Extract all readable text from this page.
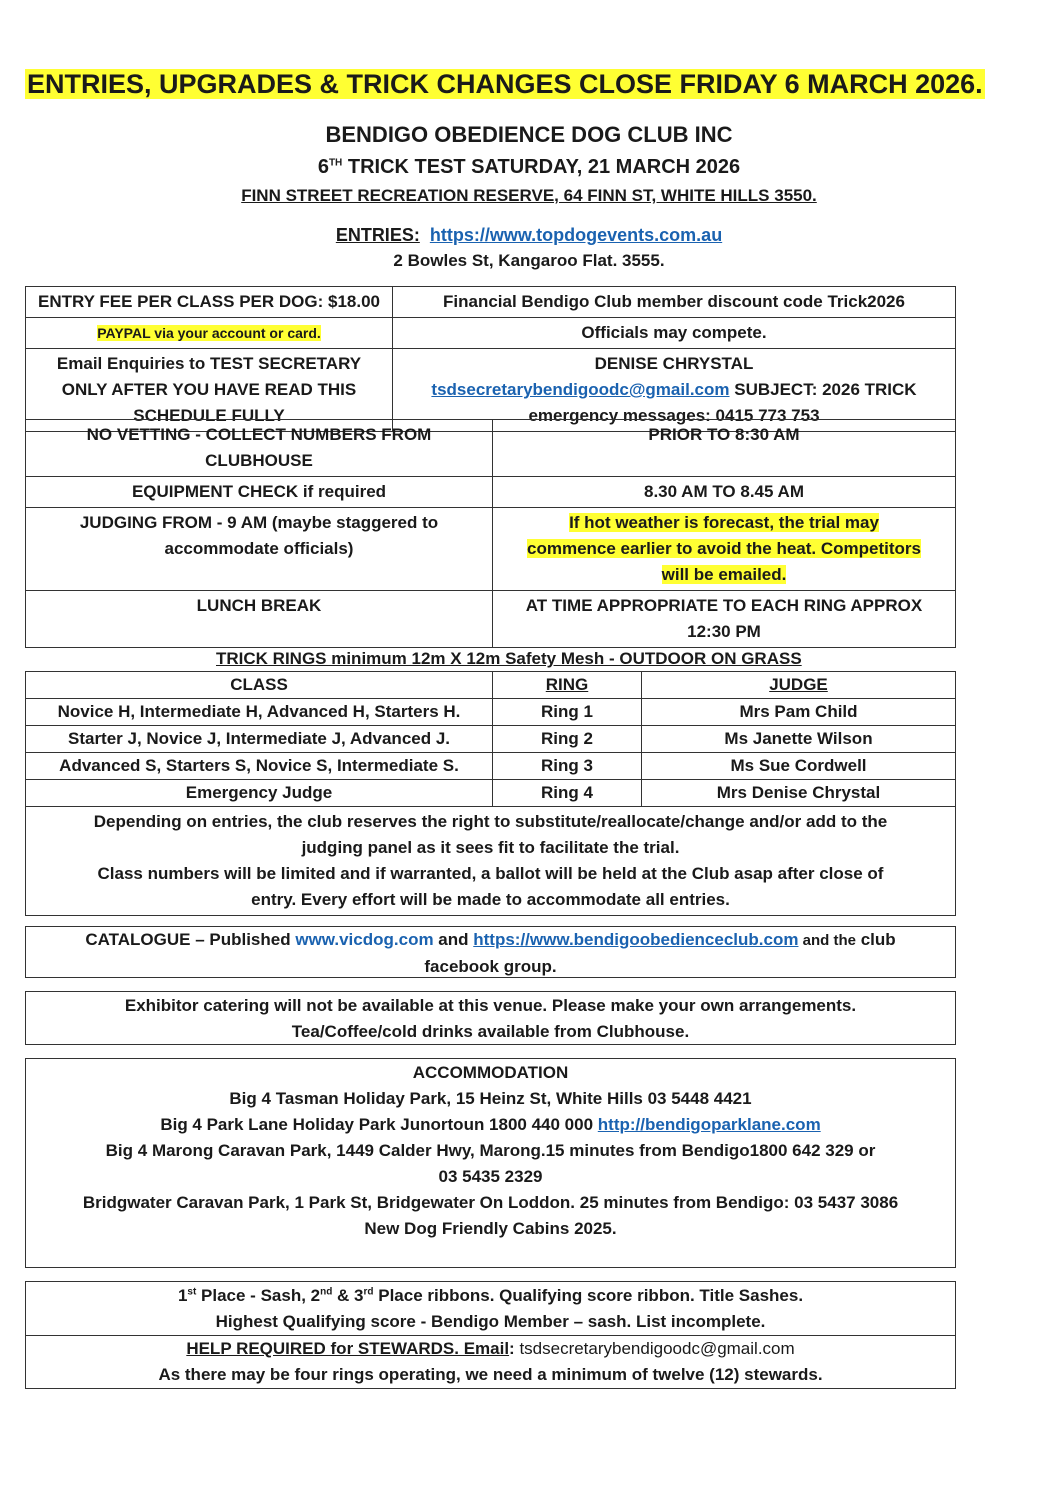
ENTRIES, UPGRADES & TRICK CHANGES CLOSE FRIDAY 6 MARCH 2026.
BENDIGO OBEDIENCE DOG CLUB INC
6TH TRICK TEST SATURDAY, 21 MARCH 2026
FINN STREET RECREATION RESERVE, 64 FINN ST, WHITE HILLS 3550.
ENTRIES: https://www.topdogevents.com.au
2 Bowles St, Kangaroo Flat. 3555.
ENTRY FEE PER CLASS PER DOG: $18.00	Financial Bendigo Club member discount code Trick2026
PAYPAL via your account or card.	Officials may compete.
Email Enquiries to TEST SECRETARY
ONLY AFTER YOU HAVE READ THIS
SCHEDULE FULLY	DENISE CHRYSTAL
tsdsecretarybendigoodc@gmail.com SUBJECT: 2026 TRICK
emergency messages: 0415 773 753
NO VETTING - COLLECT NUMBERS FROM
CLUBHOUSE	PRIOR TO 8:30 AM
EQUIPMENT CHECK if required	8.30 AM TO 8.45 AM
JUDGING FROM - 9 AM (maybe staggered to
accommodate officials)	If hot weather is forecast, the trial may
commence earlier to avoid the heat. Competitors
will be emailed.
LUNCH BREAK	AT TIME APPROPRIATE TO EACH RING APPROX
12:30 PM
TRICK RINGS minimum 12m X 12m Safety Mesh - OUTDOOR ON GRASS
CLASS	RING	JUDGE
Novice H, Intermediate H, Advanced H, Starters H.	Ring 1	Mrs Pam Child
Starter J, Novice J, Intermediate J, Advanced J.	Ring 2	Ms Janette Wilson
Advanced S, Starters S, Novice S, Intermediate S.	Ring 3	Ms Sue Cordwell
Emergency Judge	Ring 4	Mrs Denise Chrystal
Depending on entries, the club reserves the right to substitute/reallocate/change and/or add to the
judging panel as it sees fit to facilitate the trial.
Class numbers will be limited and if warranted, a ballot will be held at the Club asap after close of
entry. Every effort will be made to accommodate all entries.		
CATALOGUE – Published www.vicdog.com and https://www.bendigoobedienceclub.com and the club
facebook group.
Exhibitor catering will not be available at this venue. Please make your own arrangements.
Tea/Coffee/cold drinks available from Clubhouse.
ACCOMMODATION
Big 4 Tasman Holiday Park, 15 Heinz St, White Hills 03 5448 4421
Big 4 Park Lane Holiday Park Junortoun 1800 440 000 http://bendigoparklane.com
Big 4 Marong Caravan Park, 1449 Calder Hwy, Marong.15 minutes from Bendigo1800 642 329 or
03 5435 2329
Bridgwater Caravan Park, 1 Park St, Bridgewater On Loddon. 25 minutes from Bendigo: 03 5437 3086
New Dog Friendly Cabins 2025.
1st Place - Sash, 2nd & 3rd Place ribbons. Qualifying score ribbon. Title Sashes.
Highest Qualifying score - Bendigo Member – sash. List incomplete.
HELP REQUIRED for STEWARDS. Email: tsdsecretarybendigoodc@gmail.com
As there may be four rings operating, we need a minimum of twelve (12) stewards.
